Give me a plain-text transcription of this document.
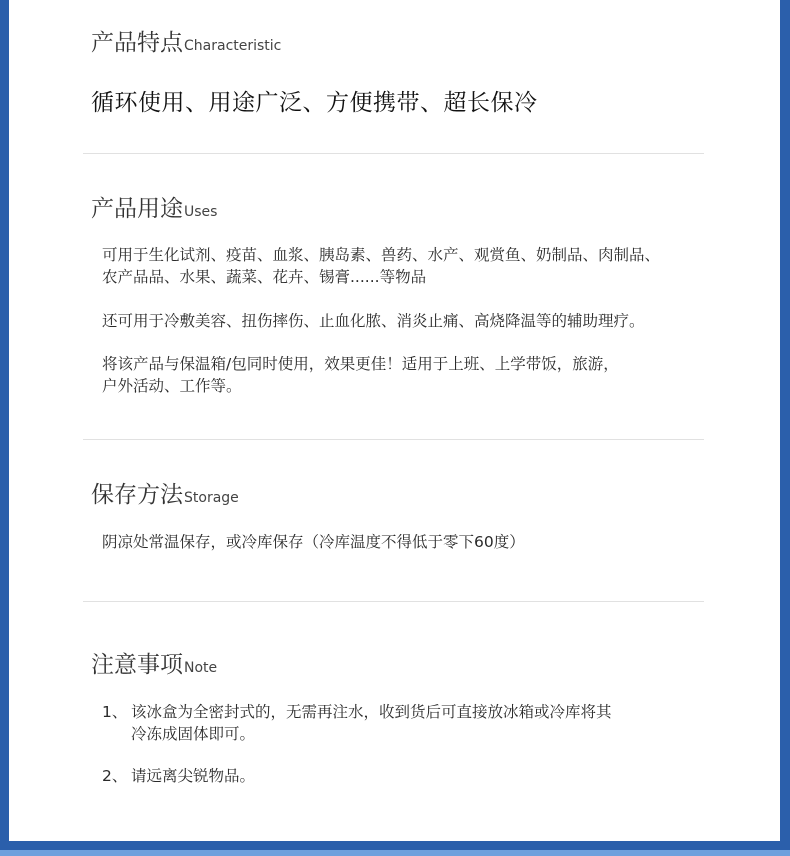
产品特点Characteristic
循环使用、用途广泛、方便携带、超长保冷
产品用途Uses
可用于生化试剂、疫苗、血浆、胰岛素、兽药、水产、观赏鱼、奶制品、肉制品、
农产品品、水果、蔬菜、花卉、锡膏......等物品
还可用于冷敷美容、扭伤摔伤、止血化脓、消炎止痛、高烧降温等的辅助理疗。
将该产品与保温箱/包同时使用，效果更佳！适用于上班、上学带饭，旅游，
户外活动、工作等。
保存方法Storage
阴凉处常温保存，或冷库保存（冷库温度不得低于零下60度）
注意事项Note
1、 该冰盒为全密封式的，无需再注水，收到货后可直接放冰箱或冷库将其
冷冻成固体即可。
2、 请远离尖锐物品。
